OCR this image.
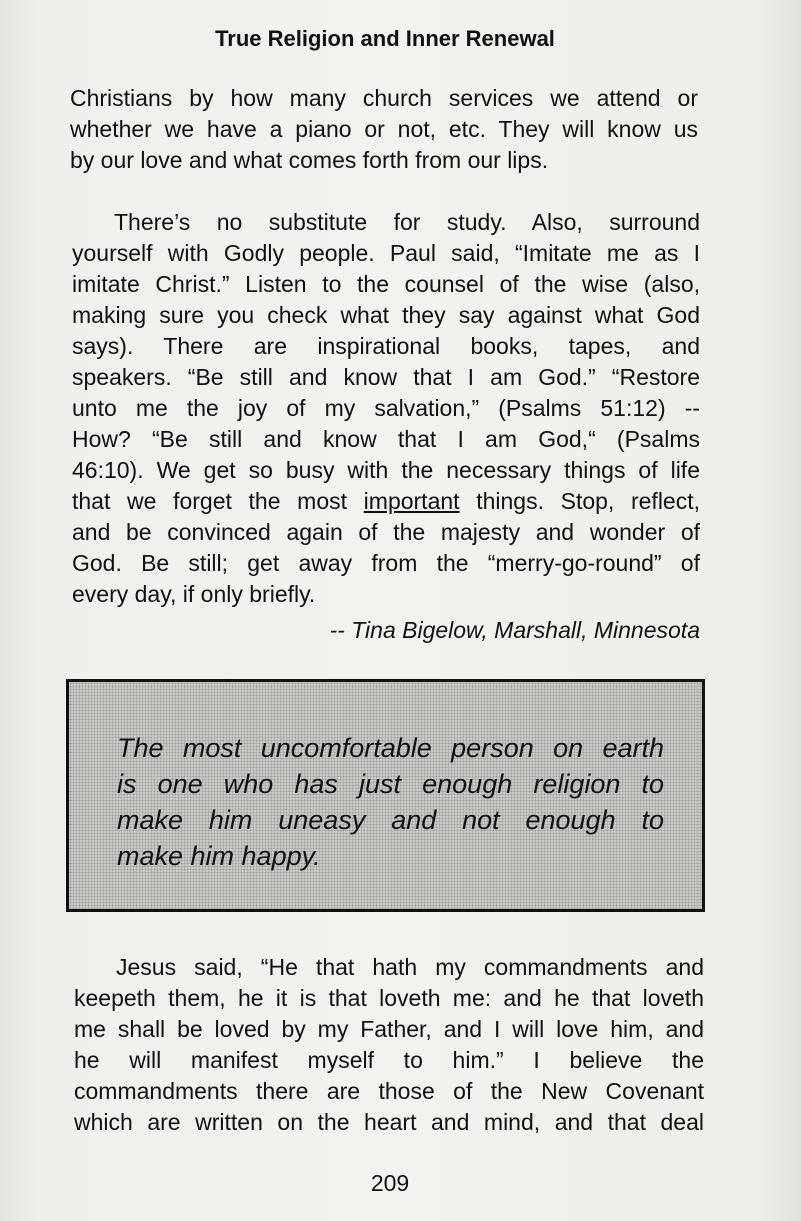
True Religion and Inner Renewal
Christians by how many church services we attend or
whether we have a piano or not, etc. They will know us
by our love and what comes forth from our lips.
There’s no substitute for study. Also, surround
yourself with Godly people. Paul said, “Imitate me as I
imitate Christ.” Listen to the counsel of the wise (also,
making sure you check what they say against what God
says). There are inspirational books, tapes, and
speakers. “Be still and know that I am God.” “Restore
unto me the joy of my salvation,” (Psalms 51:12) --
How? “Be still and know that I am God,“ (Psalms
46:10). We get so busy with the necessary things of life
that we forget the most important things. Stop, reflect,
and be convinced again of the majesty and wonder of
God. Be still; get away from the “merry-go-round” of
every day, if only briefly.
-- Tina Bigelow, Marshall, Minnesota
The most uncomfortable person on earth
is one who has just enough religion to
make him uneasy and not enough to
make him happy.
Jesus said, “He that hath my commandments and
keepeth them, he it is that loveth me: and he that loveth
me shall be loved by my Father, and I will love him, and
he will manifest myself to him.” I believe the
commandments there are those of the New Covenant
which are written on the heart and mind, and that deal
209
